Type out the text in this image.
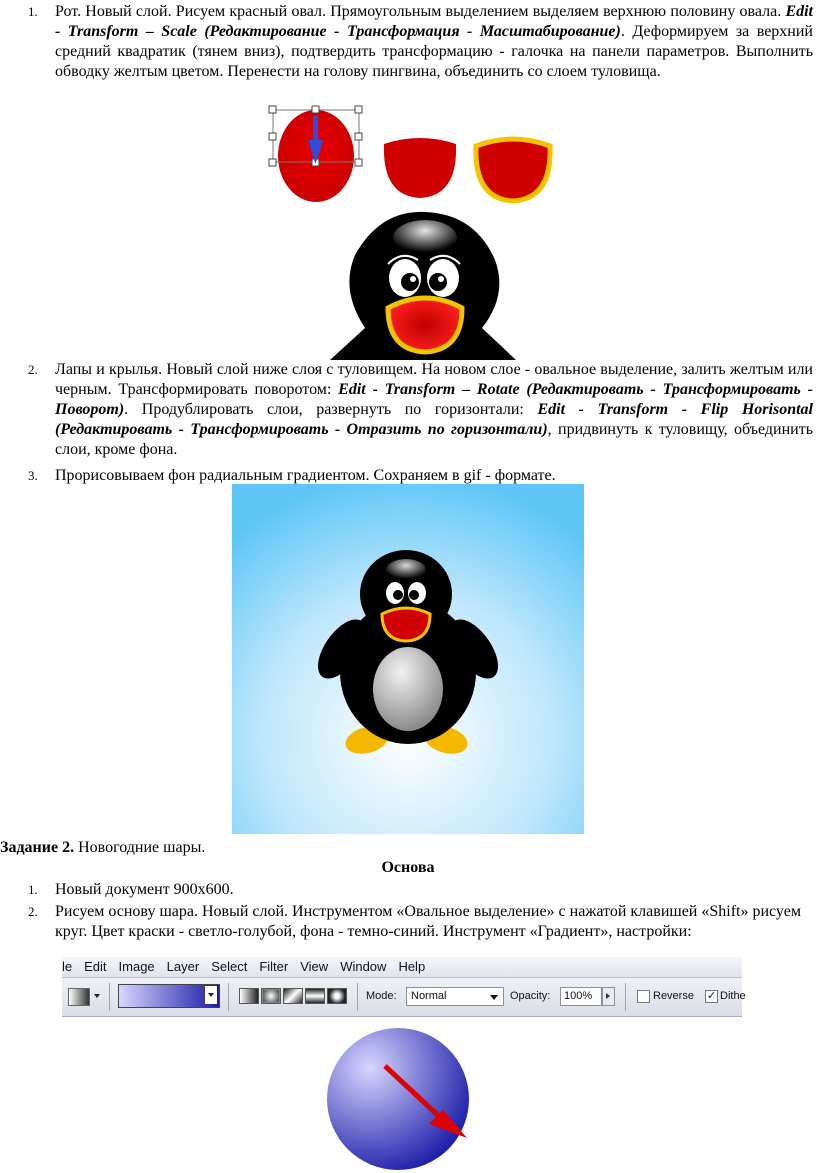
1. Рот. Новый слой. Рисуем красный овал. Прямоугольным выделением выделяем верхнюю половину овала. Edit - Transform – Scale (Редактирование - Трансформация - Масштабирование). Деформируем за верхний средний квадратик (тянем вниз), подтвердить трансформацию - галочка на панели параметров. Выполнить обводку желтым цветом. Перенести на голову пингвина, объединить со слоем туловища.
2. Лапы и крылья. Новый слой ниже слоя с туловищем. На новом слое - овальное выделение, залить желтым или черным. Трансформировать поворотом: Edit - Transform – Rotate (Редактировать - Трансформировать - Поворот). Продублировать слои, развернуть по горизонтали: Edit - Transform - Flip Horisontal (Редактировать - Трансформировать - Отразить по горизонтали), придвинуть к туловищу, объединить слои, кроме фона.
3. Прорисовываем фон радиальным градиентом. Сохраняем в gif - формате.
Задание 2. Новогодние шары.
Основа
1. Новый документ 900х600.
2. Рисуем основу шара. Новый слой. Инструментом «Овальное выделение» с нажатой клавишей «Shift» рисуем круг. Цвет краски - светло-голубой, фона - темно-синий. Инструмент «Градиент», настройки:
le Edit Image Layer Select Filter View Window Help
Mode: Normal	Opacity: 100%	Reverse ✓ Dithe
